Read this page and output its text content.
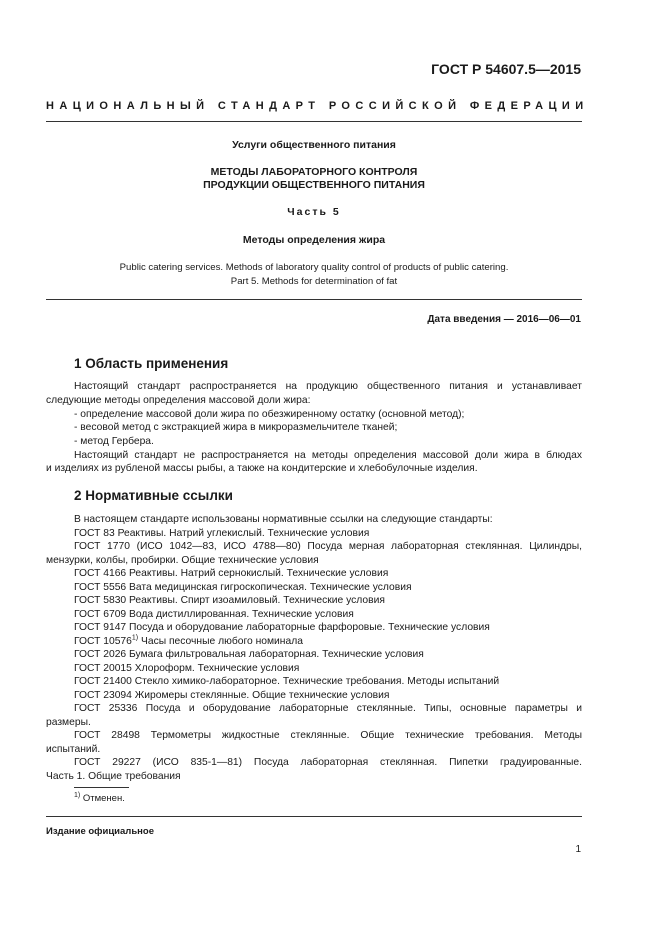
ГОСТ Р 54607.5—2015
НАЦИОНАЛЬНЫЙ СТАНДАРТ РОССИЙСКОЙ ФЕДЕРАЦИИ
Услуги общественного питания
МЕТОДЫ ЛАБОРАТОРНОГО КОНТРОЛЯ
ПРОДУКЦИИ ОБЩЕСТВЕННОГО ПИТАНИЯ
Часть 5
Методы определения жира
Public catering services. Methods of laboratory quality control of products of public catering.
Part 5. Methods for determination of fat
Дата введения — 2016—06—01
1 Область применения
Настоящий стандарт распространяется на продукцию общественного питания и устанавливает
следующие методы определения массовой доли жира:
- определение массовой доли жира по обезжиренному остатку (основной метод);
- весовой метод с экстракцией жира в микроразмельчителе тканей;
- метод Гербера.
Настоящий стандарт не распространяется на методы определения массовой доли жира в блюдах
и изделиях из рубленой массы рыбы, а также на кондитерские и хлебобулочные изделия.
2 Нормативные ссылки
В настоящем стандарте использованы нормативные ссылки на следующие стандарты:
ГОСТ 83 Реактивы. Натрий углекислый. Технические условия
ГОСТ 1770 (ИСО 1042—83, ИСО 4788—80) Посуда мерная лабораторная стеклянная. Цилиндры,
мензурки, колбы, пробирки. Общие технические условия
ГОСТ 4166 Реактивы. Натрий сернокислый. Технические условия
ГОСТ 5556 Вата медицинская гигроскопическая. Технические условия
ГОСТ 5830 Реактивы. Спирт изоамиловый. Технические условия
ГОСТ 6709 Вода дистиллированная. Технические условия
ГОСТ 9147 Посуда и оборудование лабораторные фарфоровые. Технические условия
ГОСТ 10576$^{1)}$ Часы песочные любого номинала
ГОСТ 2026 Бумага фильтровальная лабораторная. Технические условия
ГОСТ 20015 Хлороформ. Технические условия
ГОСТ 21400 Стекло химико-лабораторное. Технические требования. Методы испытаний
ГОСТ 23094 Жиромеры стеклянные. Общие технические условия
ГОСТ 25336 Посуда и оборудование лабораторные стеклянные. Типы, основные параметры и
размеры.
ГОСТ 28498 Термометры жидкостные стеклянные. Общие технические требования. Методы
испытаний.
ГОСТ 29227 (ИСО 835-1—81) Посуда лабораторная стеклянная. Пипетки градуированные.
Часть 1. Общие требования
$^{1)}$ Отменен.
Издание официальное
1
